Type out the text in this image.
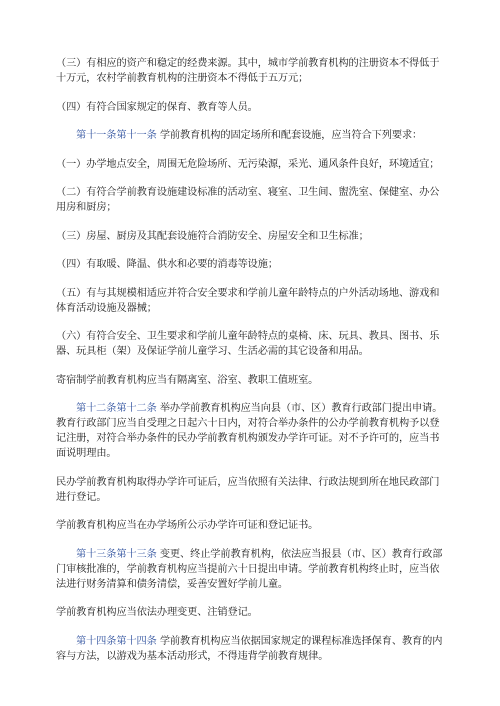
（三）有相应的资产和稳定的经费来源。其中，城市学前教育机构的注册资本不得低于十万元，农村学前教育机构的注册资本不得低于五万元；

（四）有符合国家规定的保育、教育等人员。

第十一条第十一条 学前教育机构的固定场所和配套设施，应当符合下列要求：

（一）办学地点安全，周围无危险场所、无污染源，采光、通风条件良好，环境适宜；

（二）有符合学前教育设施建设标准的活动室、寝室、卫生间、盥洗室、保健室、办公用房和厨房；

（三）房屋、厨房及其配套设施符合消防安全、房屋安全和卫生标准；

（四）有取暖、降温、供水和必要的消毒等设施；

（五）有与其规模相适应并符合安全要求和学前儿童年龄特点的户外活动场地、游戏和体育活动设施及器械；

（六）有符合安全、卫生要求和学前儿童年龄特点的桌椅、床、玩具、教具、图书、乐器、玩具柜（架）及保证学前儿童学习、生活必需的其它设备和用品。

寄宿制学前教育机构应当有隔离室、浴室、教职工值班室。

第十二条第十二条 举办学前教育机构应当向县（市、区）教育行政部门提出申请。教育行政部门应当自受理之日起六十日内，对符合举办条件的公办学前教育机构予以登记注册，对符合举办条件的民办学前教育机构颁发办学许可证。对不予许可的，应当书面说明理由。

民办学前教育机构取得办学许可证后，应当依照有关法律、行政法规到所在地民政部门进行登记。

学前教育机构应当在办学场所公示办学许可证和登记证书。

第十三条第十三条 变更、终止学前教育机构，依法应当报县（市、区）教育行政部门审核批准的，学前教育机构应当提前六十日提出申请。学前教育机构终止时，应当依法进行财务清算和债务清偿，妥善安置好学前儿童。

学前教育机构应当依法办理变更、注销登记。

第十四条第十四条 学前教育机构应当依据国家规定的课程标准选择保育、教育的内容与方法，以游戏为基本活动形式，不得违背学前教育规律。
